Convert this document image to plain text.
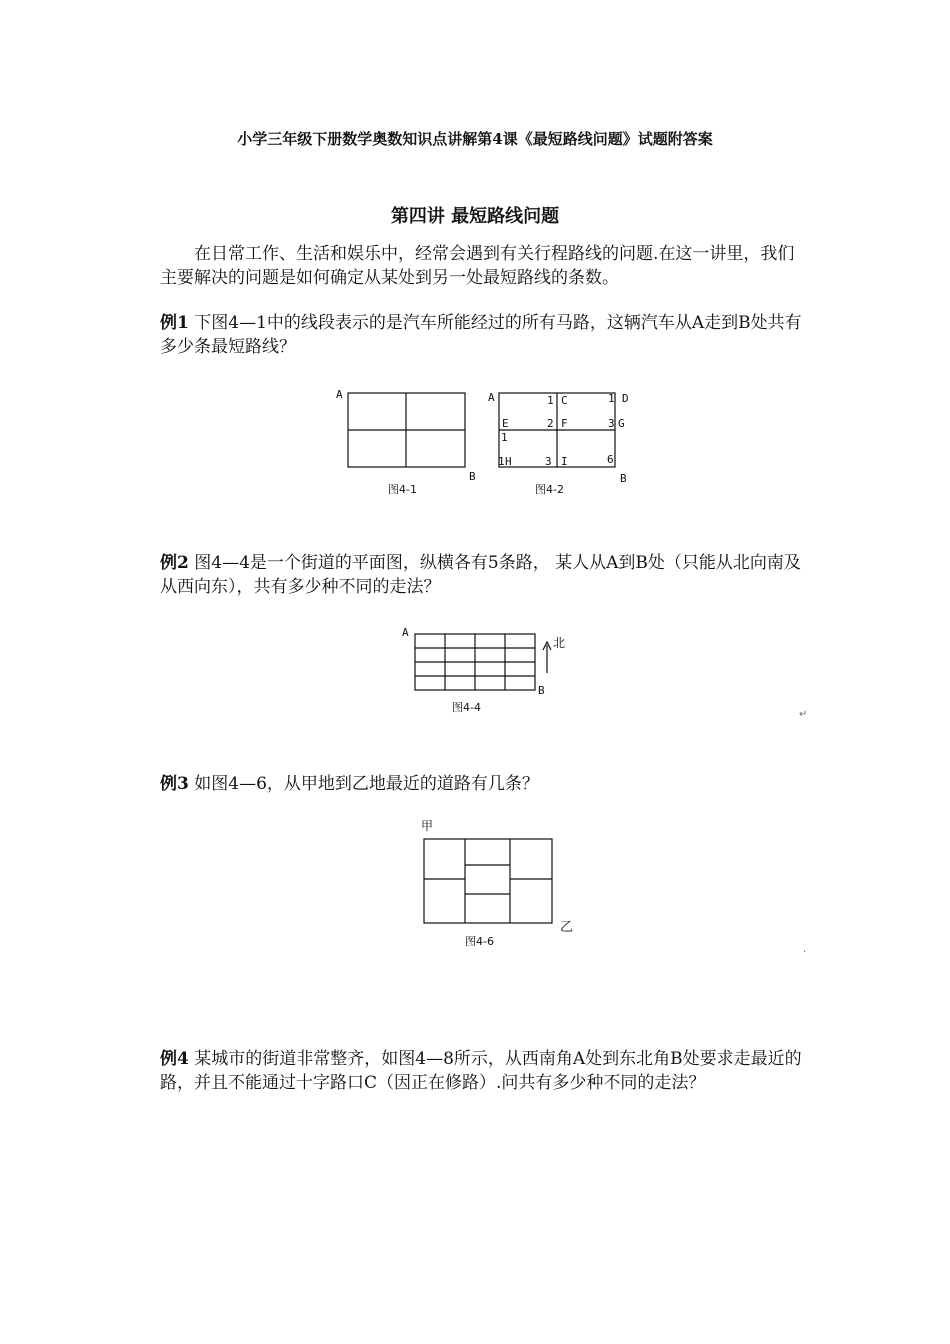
小学三年级下册数学奥数知识点讲解第4课《最短路线问题》试题附答案
第四讲 最短路线问题
在日常工作、生活和娱乐中，经常会遇到有关行程路线的问题.在这一讲里，我们主要解决的问题是如何确定从某处到另一处最短路线的条数。
例1 下图4—1中的线段表示的是汽车所能经过的所有马路，这辆汽车从A走到B处共有多少条最短路线？
A
B
图4-1
A	1 C	1 D
E
1
2 F	3 G
1 H	3 I	6
B
图4-2
例2 图4—4是一个街道的平面图，纵横各有5条路， 某人从A到B处（只能从北向南及从西向东），共有多少种不同的走法？
A
B
北
图4-4
↵
例3 如图4—6，从甲地到乙地最近的道路有几条？
甲
乙
图4-6
.
例4 某城市的街道非常整齐，如图4—8所示，从西南角A处到东北角B处要求走最近的路，并且不能通过十字路口C（因正在修路）.问共有多少种不同的走法？
